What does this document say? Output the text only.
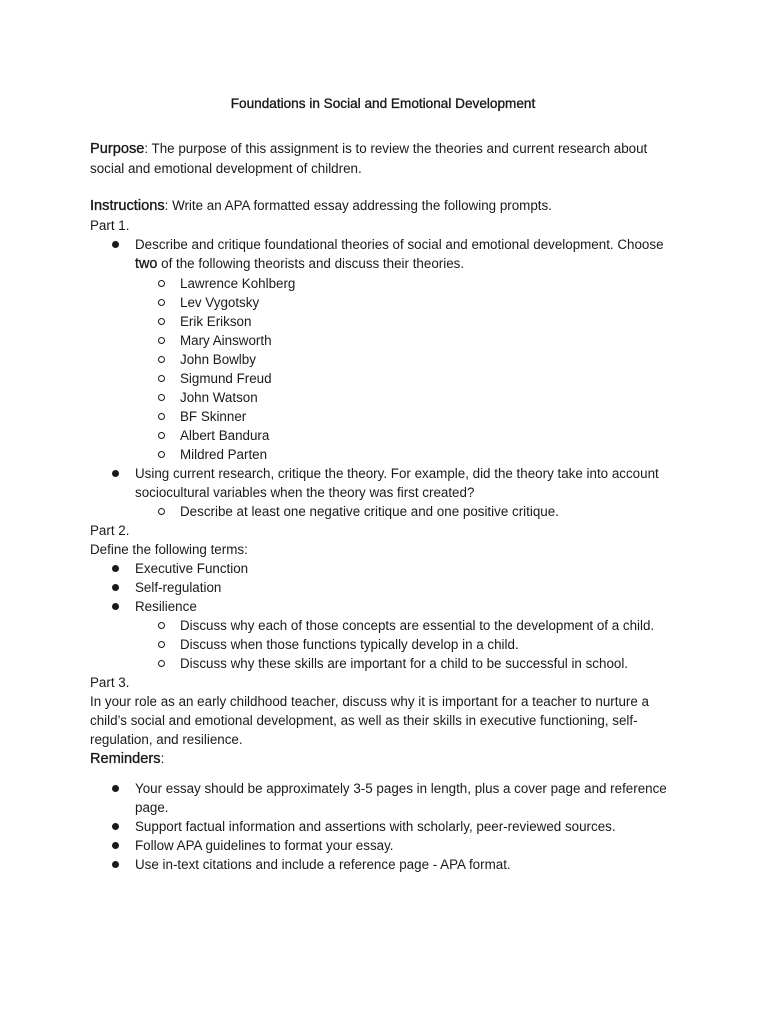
Foundations in Social and Emotional Development

Purpose: The purpose of this assignment is to review the theories and current research about social and emotional development of children.

Instructions: Write an APA formatted essay addressing the following prompts.

Part 1.
Describe and critique foundational theories of social and emotional development. Choose two of the following theorists and discuss their theories.
Lawrence Kohlberg
Lev Vygotsky
Erik Erikson
Mary Ainsworth
John Bowlby
Sigmund Freud
John Watson
BF Skinner
Albert Bandura
Mildred Parten
Using current research, critique the theory. For example, did the theory take into account sociocultural variables when the theory was first created?
Describe at least one negative critique and one positive critique.
Part 2.
Define the following terms:
Executive Function
Self-regulation
Resilience
Discuss why each of those concepts are essential to the development of a child.
Discuss when those functions typically develop in a child.
Discuss why these skills are important for a child to be successful in school.
Part 3.

In your role as an early childhood teacher, discuss why it is important for a teacher to nurture a child’s social and emotional development, as well as their skills in executive functioning, self-regulation, and resilience.

Reminders:
Your essay should be approximately 3-5 pages in length, plus a cover page and reference page.
Support factual information and assertions with scholarly, peer-reviewed sources.
Follow APA guidelines to format your essay.
Use in-text citations and include a reference page - APA format.
